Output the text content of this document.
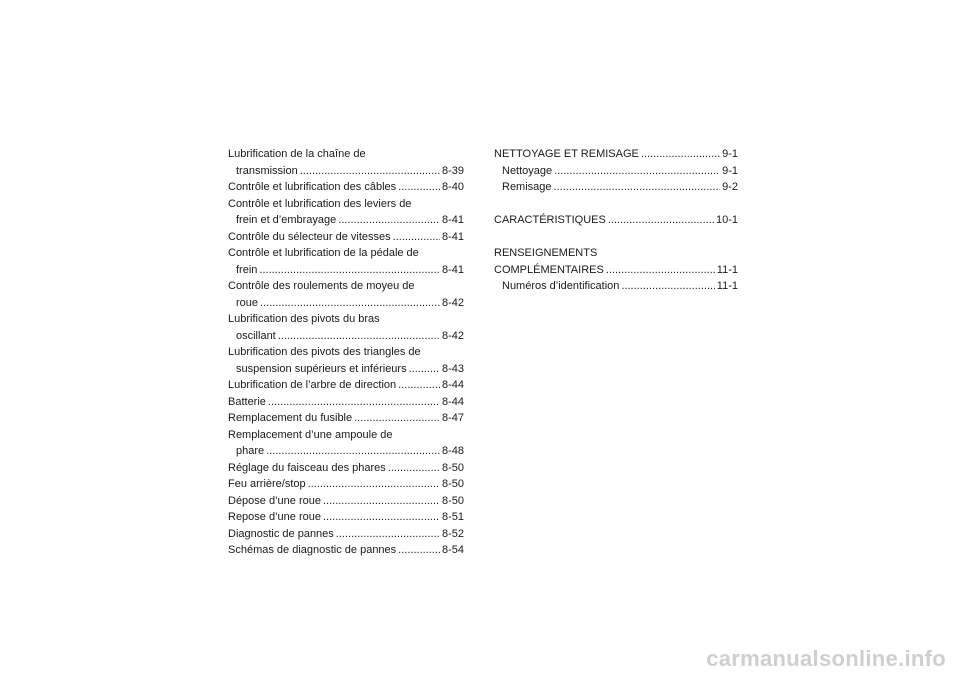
Lubrification de la chaîne de
transmission .....	8-39
Contrôle et lubrification des câbles .....	8-40
Contrôle et lubrification des leviers de
frein et d’embrayage .....	8-41
Contrôle du sélecteur de vitesses .....	8-41
Contrôle et lubrification de la pédale de
frein .....	8-41
Contrôle des roulements de moyeu de
roue .....	8-42
Lubrification des pivots du bras
oscillant .....	8-42
Lubrification des pivots des triangles de
suspension supérieurs et inférieurs .....	8-43
Lubrification de l’arbre de direction .....	8-44
Batterie .....	8-44
Remplacement du fusible .....	8-47
Remplacement d’une ampoule de
phare .....	8-48
Réglage du faisceau des phares .....	8-50
Feu arrière/stop .....	8-50
Dépose d’une roue .....	8-50
Repose d’une roue .....	8-51
Diagnostic de pannes .....	8-52
Schémas de diagnostic de pannes .....	8-54
NETTOYAGE ET REMISAGE .....	9-1
Nettoyage .....	9-1
Remisage .....	9-2
CARACTÉRISTIQUES .....	10-1
RENSEIGNEMENTS
COMPLÉMENTAIRES .....	11-1
Numéros d’identification .....	11-1
carmanualsonline.info
